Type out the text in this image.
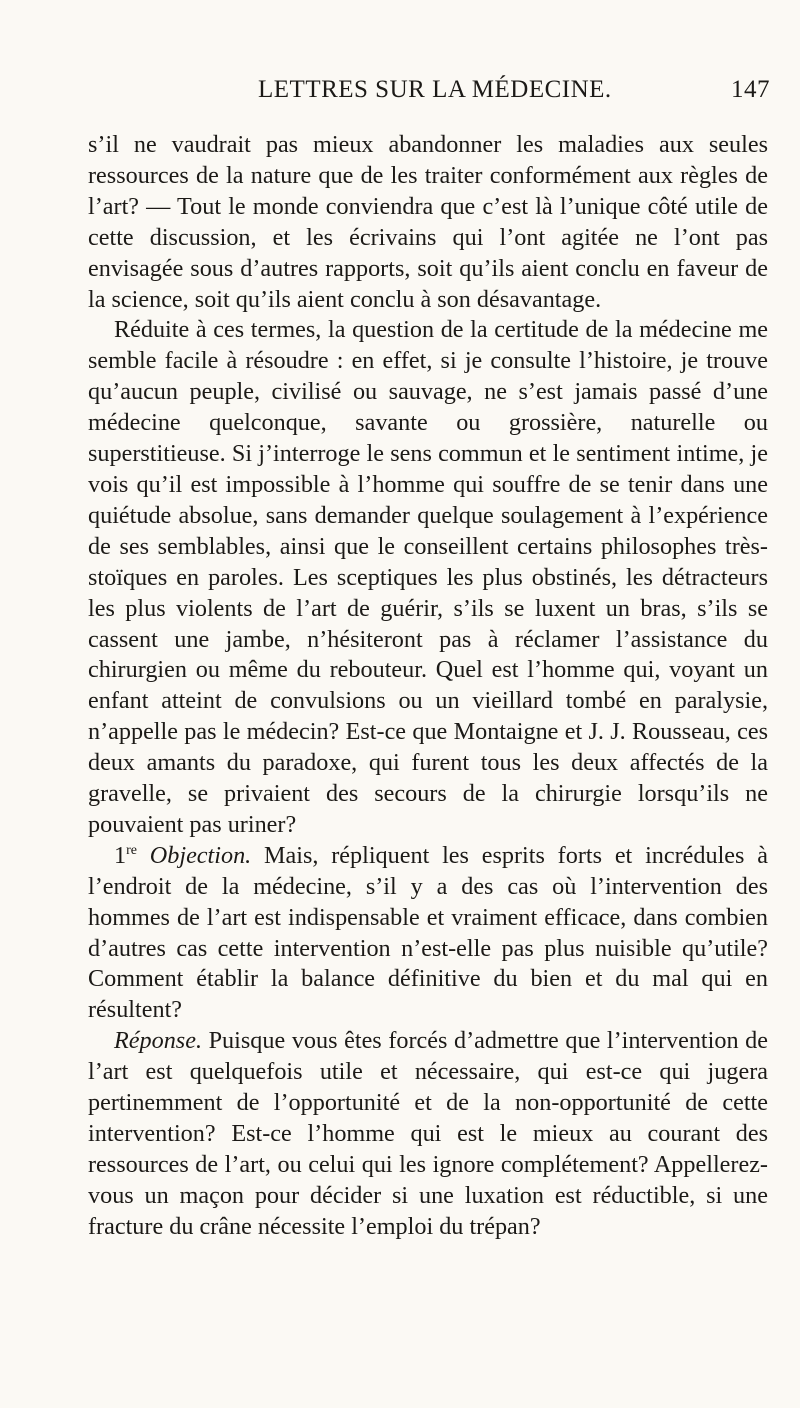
LETTRES SUR LA MÉDECINE.	147

s’il ne vaudrait pas mieux abandonner les maladies aux seules ressources de la nature que de les traiter conformément aux règles de l’art? — Tout le monde conviendra que c’est là l’unique côté utile de cette discussion, et les écrivains qui l’ont agitée ne l’ont pas envisagée sous d’autres rapports, soit qu’ils aient conclu en faveur de la science, soit qu’ils aient conclu à son désavantage.

Réduite à ces termes, la question de la certitude de la médecine me semble facile à résoudre : en effet, si je consulte l’histoire, je trouve qu’aucun peuple, civilisé ou sauvage, ne s’est jamais passé d’une médecine quelconque, savante ou grossière, naturelle ou superstitieuse. Si j’interroge le sens commun et le sentiment intime, je vois qu’il est impossible à l’homme qui souffre de se tenir dans une quiétude absolue, sans demander quelque soulagement à l’expérience de ses semblables, ainsi que le conseillent certains philosophes très-stoïques en paroles. Les sceptiques les plus obstinés, les détracteurs les plus violents de l’art de guérir, s’ils se luxent un bras, s’ils se cassent une jambe, n’hésiteront pas à réclamer l’assistance du chirurgien ou même du rebouteur. Quel est l’homme qui, voyant un enfant atteint de convulsions ou un vieillard tombé en paralysie, n’appelle pas le médecin? Est-ce que Montaigne et J. J. Rousseau, ces deux amants du paradoxe, qui furent tous les deux affectés de la gravelle, se privaient des secours de la chirurgie lorsqu’ils ne pouvaient pas uriner?

1re Objection. Mais, répliquent les esprits forts et incrédules à l’endroit de la médecine, s’il y a des cas où l’intervention des hommes de l’art est indispensable et vraiment efficace, dans combien d’autres cas cette intervention n’est-elle pas plus nuisible qu’utile? Comment établir la balance définitive du bien et du mal qui en résultent?

Réponse. Puisque vous êtes forcés d’admettre que l’intervention de l’art est quelquefois utile et nécessaire, qui est-ce qui jugera pertinemment de l’opportunité et de la non-opportunité de cette intervention? Est-ce l’homme qui est le mieux au courant des ressources de l’art, ou celui qui les ignore complétement? Appellerez-vous un maçon pour décider si une luxation est réductible, si une fracture du crâne nécessite l’emploi du trépan?
